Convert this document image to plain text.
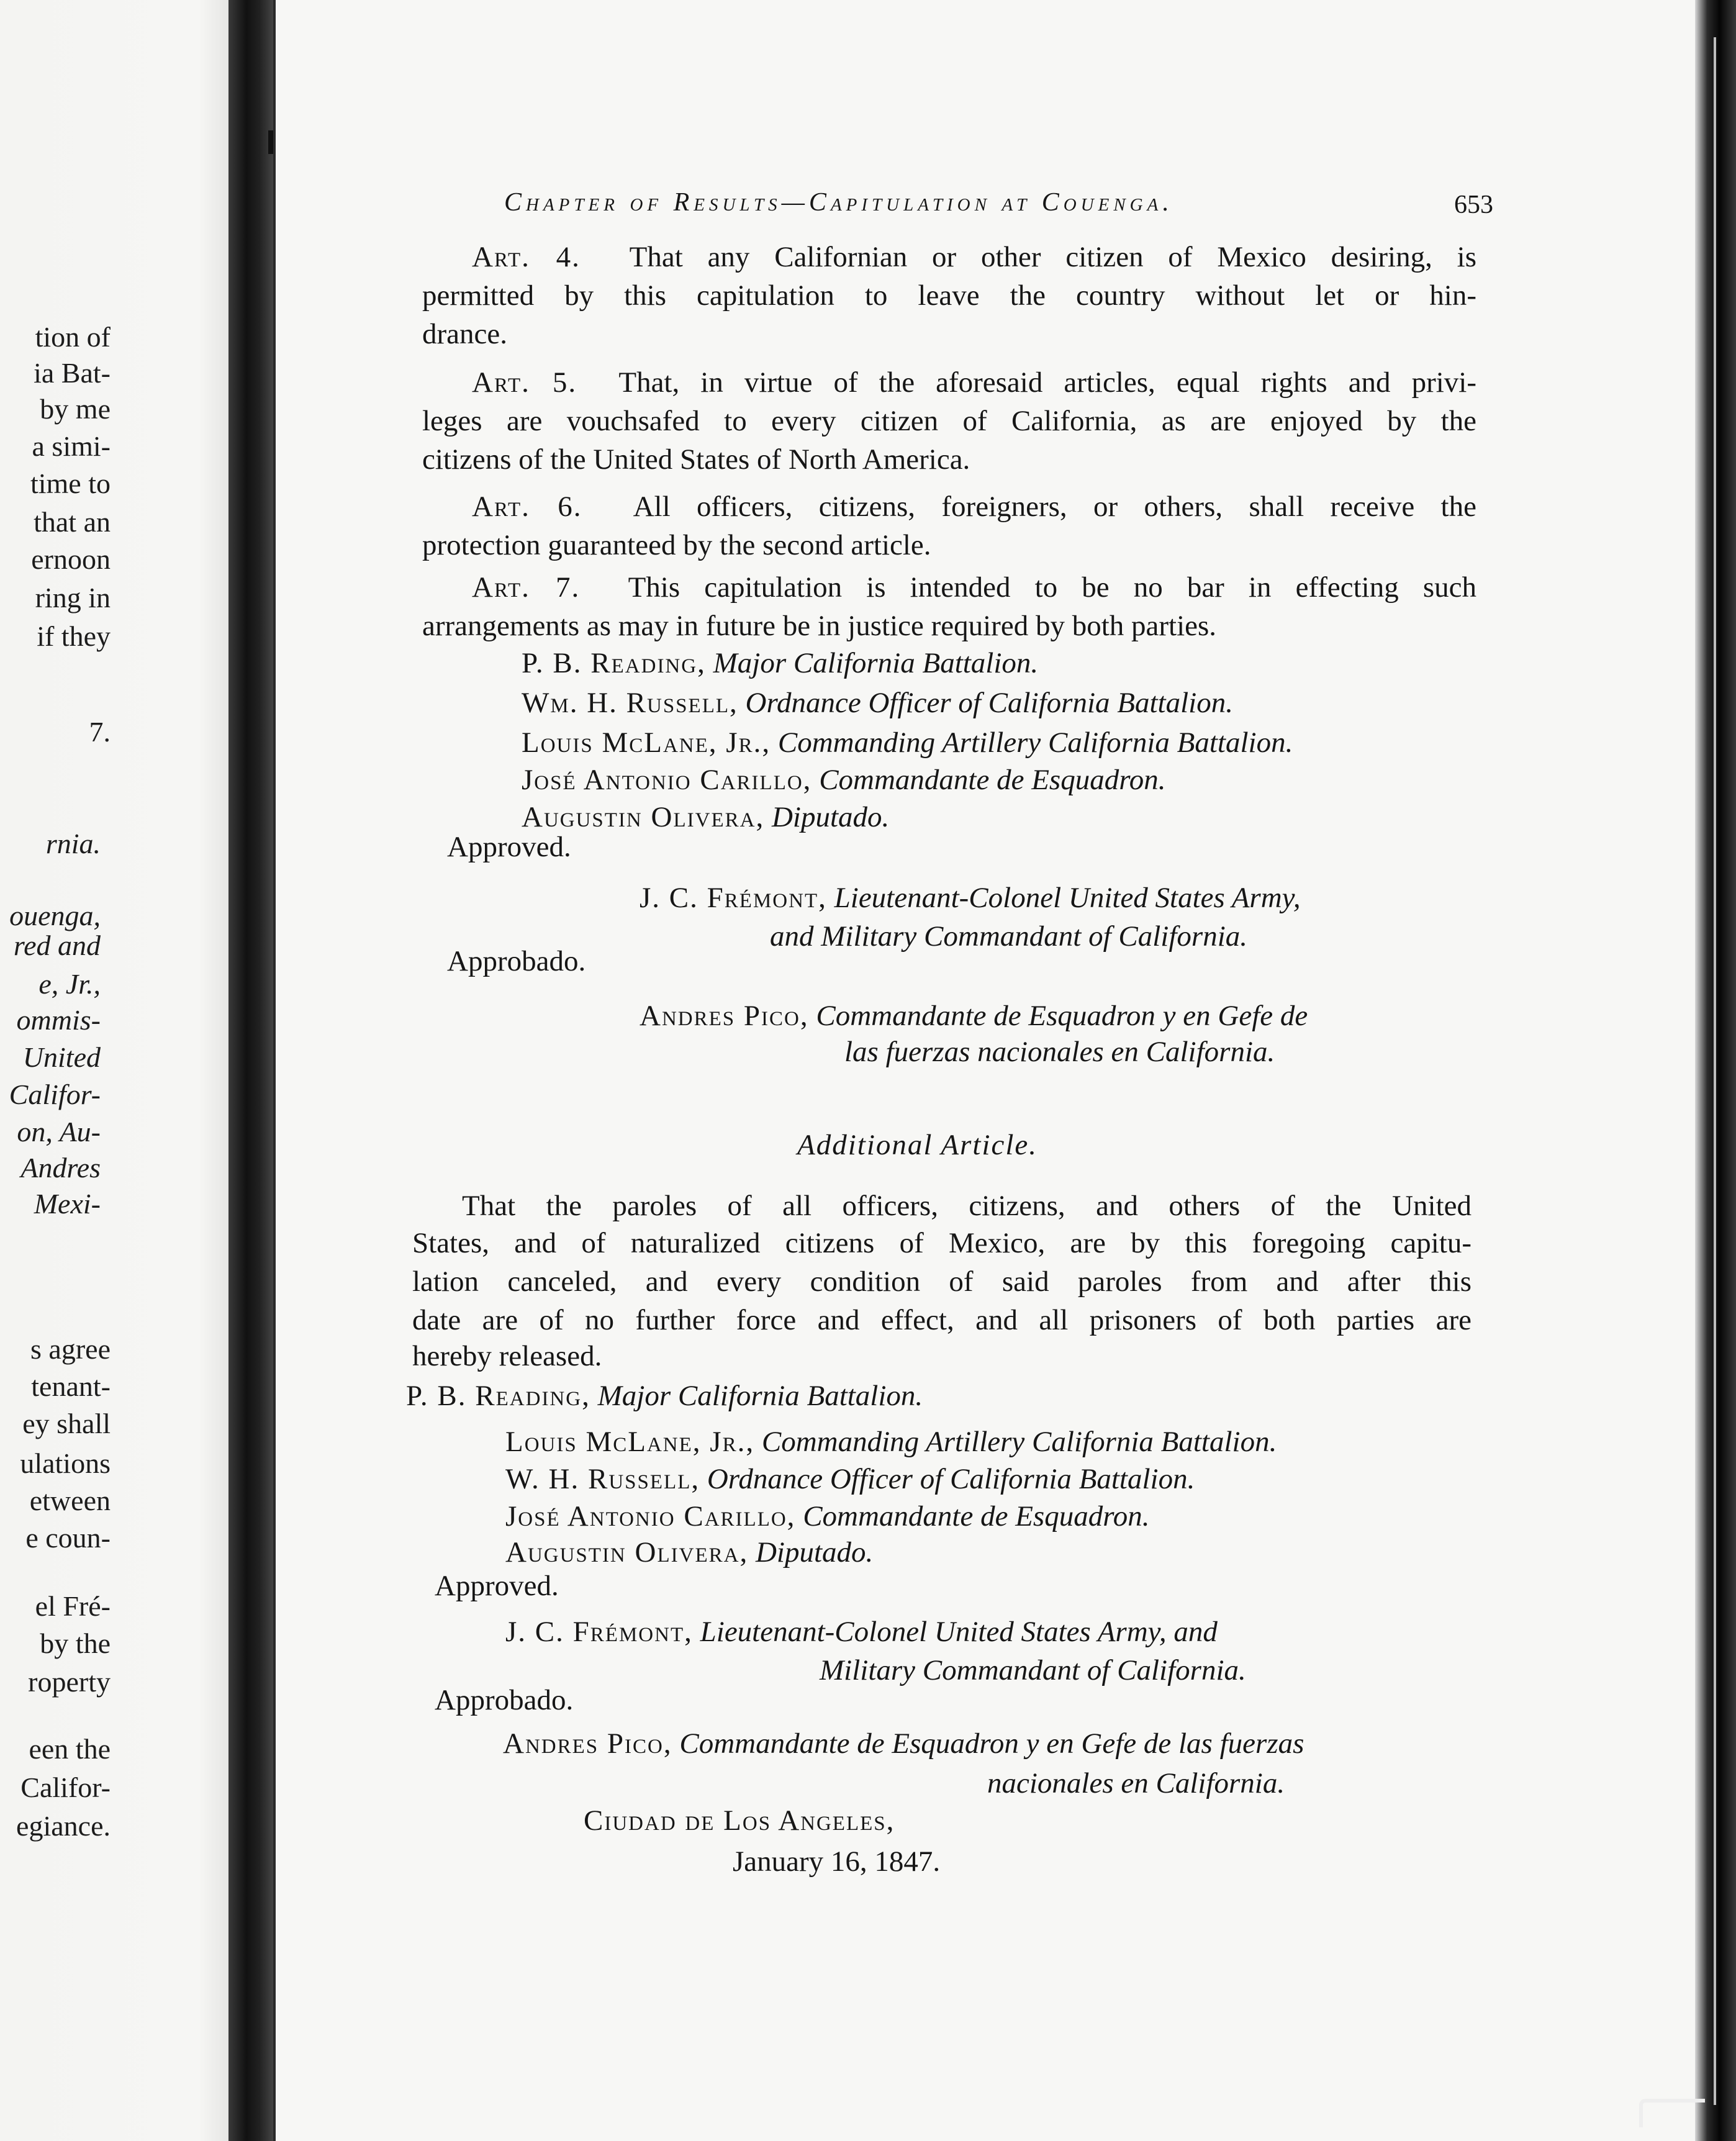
tion of
ia Bat-
by me
a simi-
time to
that an
ernoon
ring in
if they
7.
rnia.
ouenga,
red and
e, Jr.,
ommis-
United
Califor-
on, Au-
Andres
Mexi-
s agree
tenant-
ey shall
ulations
etween
e coun-
el Fré-
by the
roperty
een the
Califor-
egiance.
Chapter of Results—Capitulation at Couenga.	653
Art. 4. That any Californian or other citizen of Mexico desiring, is
permitted by this capitulation to leave the country without let or hin-
drance.
Art. 5. That, in virtue of the aforesaid articles, equal rights and privi-
leges are vouchsafed to every citizen of California, as are enjoyed by the
citizens of the United States of North America.
Art. 6. All officers, citizens, foreigners, or others, shall receive the
protection guaranteed by the second article.
Art. 7. This capitulation is intended to be no bar in effecting such
arrangements as may in future be in justice required by both parties.
P. B. Reading, Major California Battalion.
Wm. H. Russell, Ordnance Officer of California Battalion.
Louis McLane, Jr., Commanding Artillery California Battalion.
José Antonio Carillo, Commandante de Esquadron.
Augustin Olivera, Diputado.
Approved.
J. C. Frémont, Lieutenant-Colonel United States Army,
and Military Commandant of California.
Approbado.
Andres Pico, Commandante de Esquadron y en Gefe de
las fuerzas nacionales en California.
Additional Article.
That the paroles of all officers, citizens, and others of the United
States, and of naturalized citizens of Mexico, are by this foregoing capitu-
lation canceled, and every condition of said paroles from and after this
date are of no further force and effect, and all prisoners of both parties are
hereby released.
P. B. Reading, Major California Battalion.
Louis McLane, Jr., Commanding Artillery California Battalion.
W. H. Russell, Ordnance Officer of California Battalion.
José Antonio Carillo, Commandante de Esquadron.
Augustin Olivera, Diputado.
Approved.
J. C. Frémont, Lieutenant-Colonel United States Army, and
Military Commandant of California.
Approbado.
Andres Pico, Commandante de Esquadron y en Gefe de las fuerzas
nacionales en California.
Ciudad de Los Angeles,
January 16, 1847.
